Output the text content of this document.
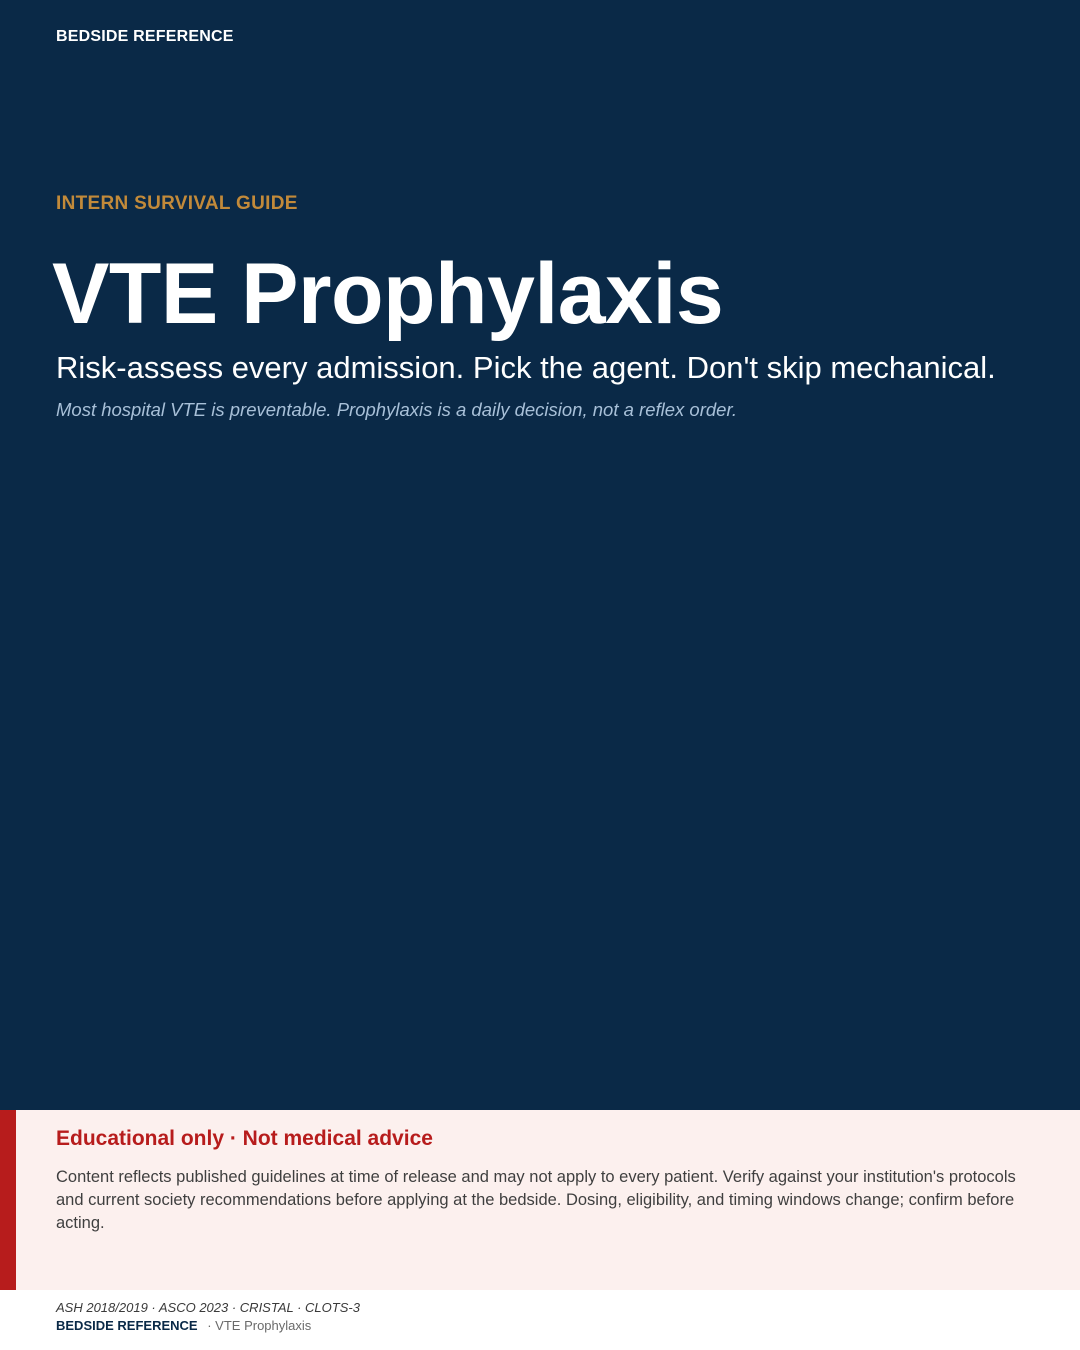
BEDSIDE REFERENCE
INTERN SURVIVAL GUIDE
VTE Prophylaxis
Risk-assess every admission. Pick the agent. Don't skip mechanical.
Most hospital VTE is preventable. Prophylaxis is a daily decision, not a reflex order.
Educational only · Not medical advice
Content reflects published guidelines at time of release and may not apply to every patient. Verify against your institution's protocols and current society recommendations before applying at the bedside. Dosing, eligibility, and timing windows change; confirm before acting.
ASH 2018/2019 · ASCO 2023 · CRISTAL · CLOTS-3
BEDSIDE REFERENCE · VTE Prophylaxis
